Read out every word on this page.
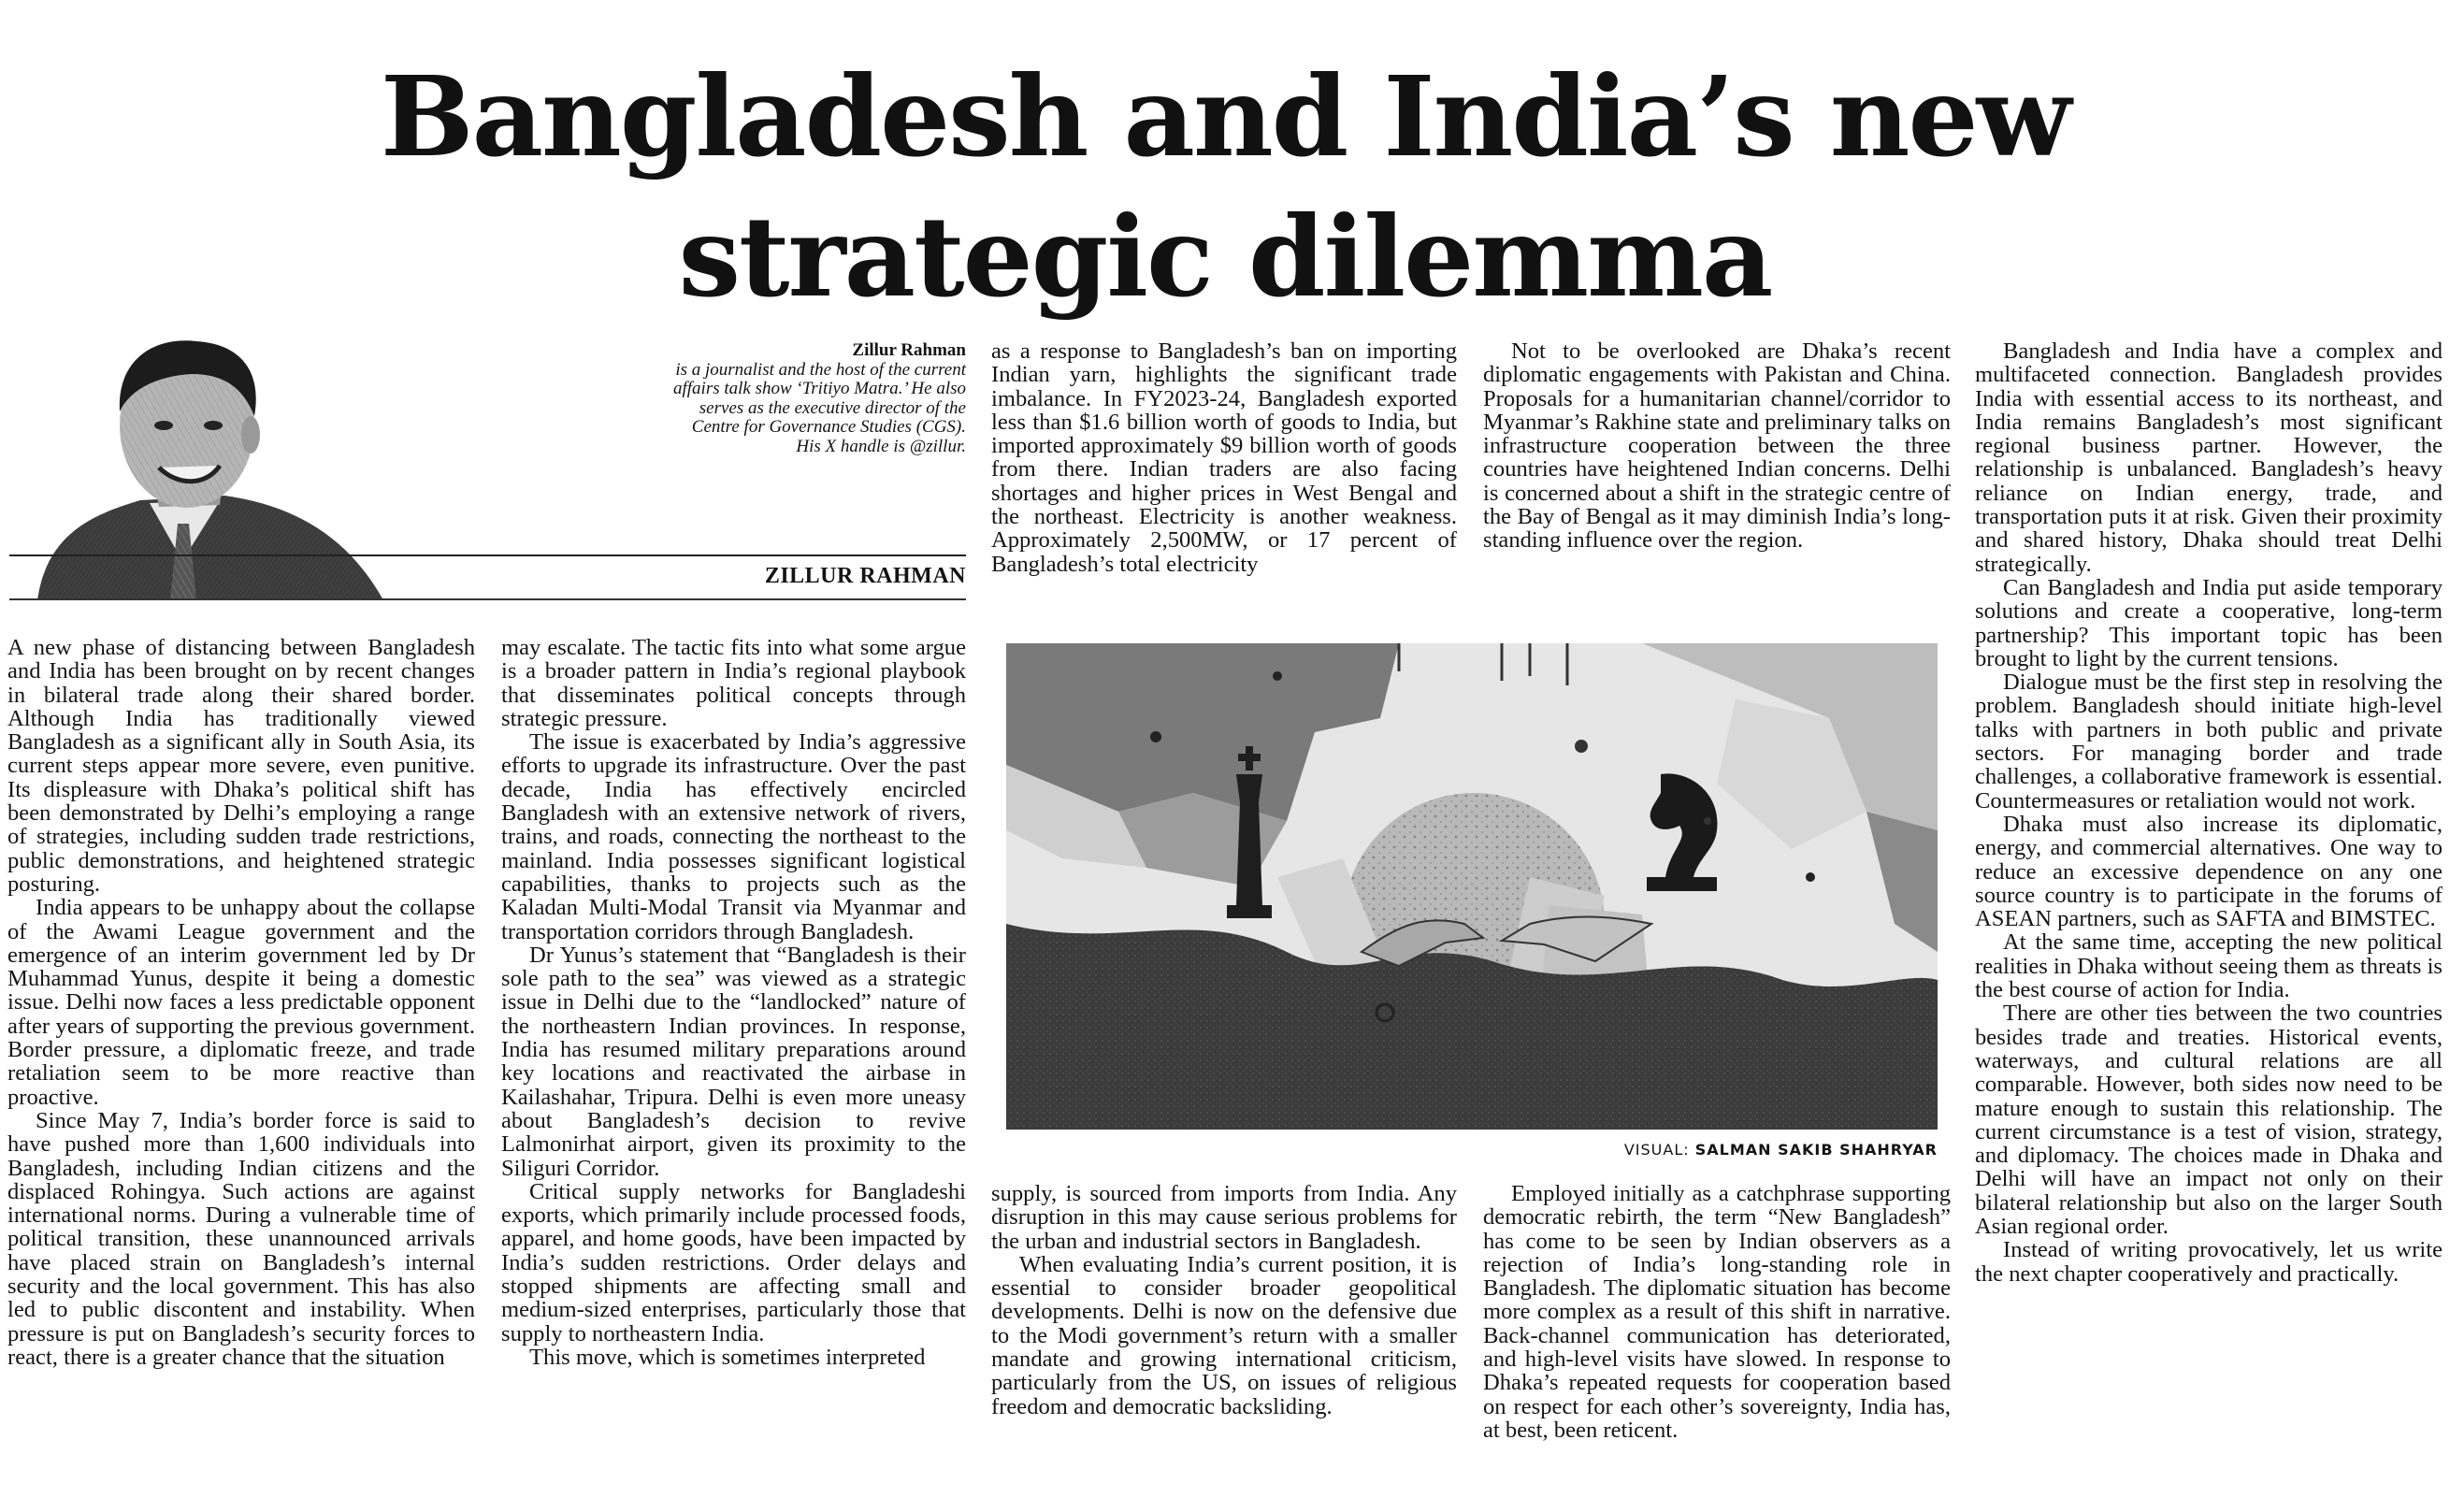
Bangladesh and India’s new
strategic dilemma
Zillur Rahman
is a journalist and the host of the current
affairs talk show ‘Tritiyo Matra.’ He also
serves as the executive director of the
Centre for Governance Studies (CGS).
His X handle is @zillur.
ZILLUR RAHMAN

A new phase of distancing between Bangladesh and India has been brought on by recent changes in bilateral trade along their shared border. Although India has traditionally viewed Bangladesh as a significant ally in South Asia, its current steps appear more severe, even punitive. Its displeasure with Dhaka’s political shift has been demonstrated by Delhi’s employing a range of strategies, including sudden trade restrictions, public demonstrations, and heightened strategic posturing.

India appears to be unhappy about the collapse of the Awami League government and the emergence of an interim government led by Dr Muhammad Yunus, despite it being a domestic issue. Delhi now faces a less predictable opponent after years of supporting the previous government. Border pressure, a diplomatic freeze, and trade retaliation seem to be more reactive than proactive.

Since May 7, India’s border force is said to have pushed more than 1,600 individuals into Bangladesh, including Indian citizens and the displaced Rohingya. Such actions are against international norms. During a vulnerable time of political transition, these unannounced arrivals have placed strain on Bangladesh’s internal security and the local government. This has also led to public discontent and instability. When pressure is put on Bangladesh’s security forces to react, there is a greater chance that the situation

may escalate. The tactic fits into what some argue is a broader pattern in India’s regional playbook that disseminates political concepts through strategic pressure.

The issue is exacerbated by India’s aggressive efforts to upgrade its infrastructure. Over the past decade, India has effectively encircled Bangladesh with an extensive network of rivers, trains, and roads, connecting the northeast to the mainland. India possesses significant logistical capabilities, thanks to projects such as the Kaladan Multi-Modal Transit via Myanmar and transportation corridors through Bangladesh.

Dr Yunus’s statement that “Bangladesh is their sole path to the sea” was viewed as a strategic issue in Delhi due to the “landlocked” nature of the northeastern Indian provinces. In response, India has resumed military preparations around key locations and reactivated the airbase in Kailashahar, Tripura. Delhi is even more uneasy about Bangladesh’s decision to revive Lalmonirhat airport, given its proximity to the Siliguri Corridor.

Critical supply networks for Bangladeshi exports, which primarily include processed foods, apparel, and home goods, have been impacted by India’s sudden restrictions. Order delays and stopped shipments are affecting small and medium-sized enterprises, particularly those that supply to northeastern India.

This move, which is sometimes interpreted

as a response to Bangladesh’s ban on importing Indian yarn, highlights the significant trade imbalance. In FY2023-24, Bangladesh exported less than $1.6 billion worth of goods to India, but imported approximately $9 billion worth of goods from there. Indian traders are also facing shortages and higher prices in West Bengal and the northeast. Electricity is another weakness. Approximately 2,500MW, or 17 percent of Bangladesh’s total electricity

Not to be overlooked are Dhaka’s recent diplomatic engagements with Pakistan and China. Proposals for a humanitarian channel/corridor to Myanmar’s Rakhine state and preliminary talks on infrastructure cooperation between the three countries have heightened Indian concerns. Delhi is concerned about a shift in the strategic centre of the Bay of Bengal as it may diminish India’s long-standing influence over the region.

VISUAL: SALMAN SAKIB SHAHRYAR

supply, is sourced from imports from India. Any disruption in this may cause serious problems for the urban and industrial sectors in Bangladesh.

When evaluating India’s current position, it is essential to consider broader geopolitical developments. Delhi is now on the defensive due to the Modi government’s return with a smaller mandate and growing international criticism, particularly from the US, on issues of religious freedom and democratic backsliding.

Employed initially as a catchphrase supporting democratic rebirth, the term “New Bangladesh” has come to be seen by Indian observers as a rejection of India’s long-standing role in Bangladesh. The diplomatic situation has become more complex as a result of this shift in narrative. Back-channel communication has deteriorated, and high-level visits have slowed. In response to Dhaka’s repeated requests for cooperation based on respect for each other’s sovereignty, India has, at best, been reticent.

Bangladesh and India have a complex and multifaceted connection. Bangladesh provides India with essential access to its northeast, and India remains Bangladesh’s most significant regional business partner. However, the relationship is unbalanced. Bangladesh’s heavy reliance on Indian energy, trade, and transportation puts it at risk. Given their proximity and shared history, Dhaka should treat Delhi strategically.

Can Bangladesh and India put aside temporary solutions and create a cooperative, long-term partnership? This important topic has been brought to light by the current tensions.

Dialogue must be the first step in resolving the problem. Bangladesh should initiate high-level talks with partners in both public and private sectors. For managing border and trade challenges, a collaborative framework is essential. Countermeasures or retaliation would not work.

Dhaka must also increase its diplomatic, energy, and commercial alternatives. One way to reduce an excessive dependence on any one source country is to participate in the forums of ASEAN partners, such as SAFTA and BIMSTEC.

At the same time, accepting the new political realities in Dhaka without seeing them as threats is the best course of action for India.

There are other ties between the two countries besides trade and treaties. Historical events, waterways, and cultural relations are all comparable. However, both sides now need to be mature enough to sustain this relationship. The current circumstance is a test of vision, strategy, and diplomacy. The choices made in Dhaka and Delhi will have an impact not only on their bilateral relationship but also on the larger South Asian regional order.

Instead of writing provocatively, let us write the next chapter cooperatively and practically.
